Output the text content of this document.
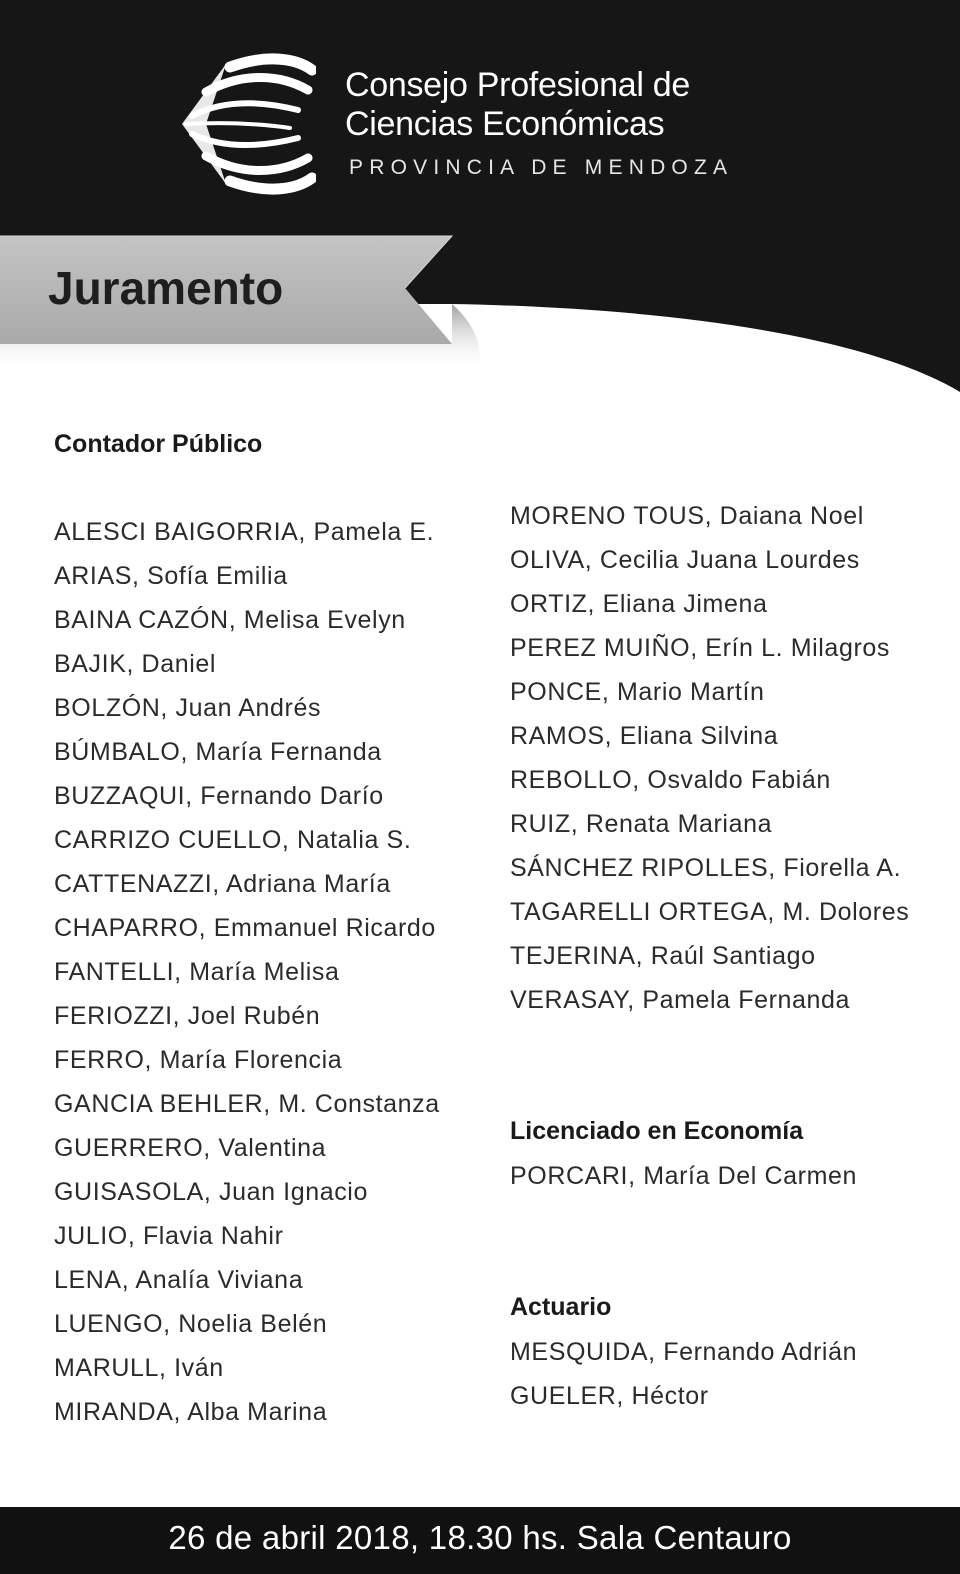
Consejo Profesional de
Ciencias Económicas
PROVINCIA DE MENDOZA
Juramento
Contador Público
ALESCI BAIGORRIA, Pamela E.
ARIAS, Sofía Emilia
BAINA CAZÓN, Melisa Evelyn
BAJIK, Daniel
BOLZÓN, Juan Andrés
BÚMBALO, María Fernanda
BUZZAQUI, Fernando Darío
CARRIZO CUELLO, Natalia S.
CATTENAZZI, Adriana María
CHAPARRO, Emmanuel Ricardo
FANTELLI, María Melisa
FERIOZZI, Joel Rubén
FERRO, María Florencia
GANCIA BEHLER, M. Constanza
GUERRERO, Valentina
GUISASOLA, Juan Ignacio
JULIO, Flavia Nahir
LENA, Analía Viviana
LUENGO, Noelia Belén
MARULL, Iván
MIRANDA, Alba Marina
MORENO TOUS, Daiana Noel
OLIVA, Cecilia Juana Lourdes
ORTIZ, Eliana Jimena
PEREZ MUIÑO, Erín L. Milagros
PONCE, Mario Martín
RAMOS, Eliana Silvina
REBOLLO, Osvaldo Fabián
RUIZ, Renata Mariana
SÁNCHEZ RIPOLLES, Fiorella A.
TAGARELLI ORTEGA, M. Dolores
TEJERINA, Raúl Santiago
VERASAY, Pamela Fernanda
Licenciado en Economía
PORCARI, María Del Carmen
Actuario
MESQUIDA, Fernando Adrián
GUELER, Héctor
26 de abril 2018, 18.30 hs. Sala Centauro
